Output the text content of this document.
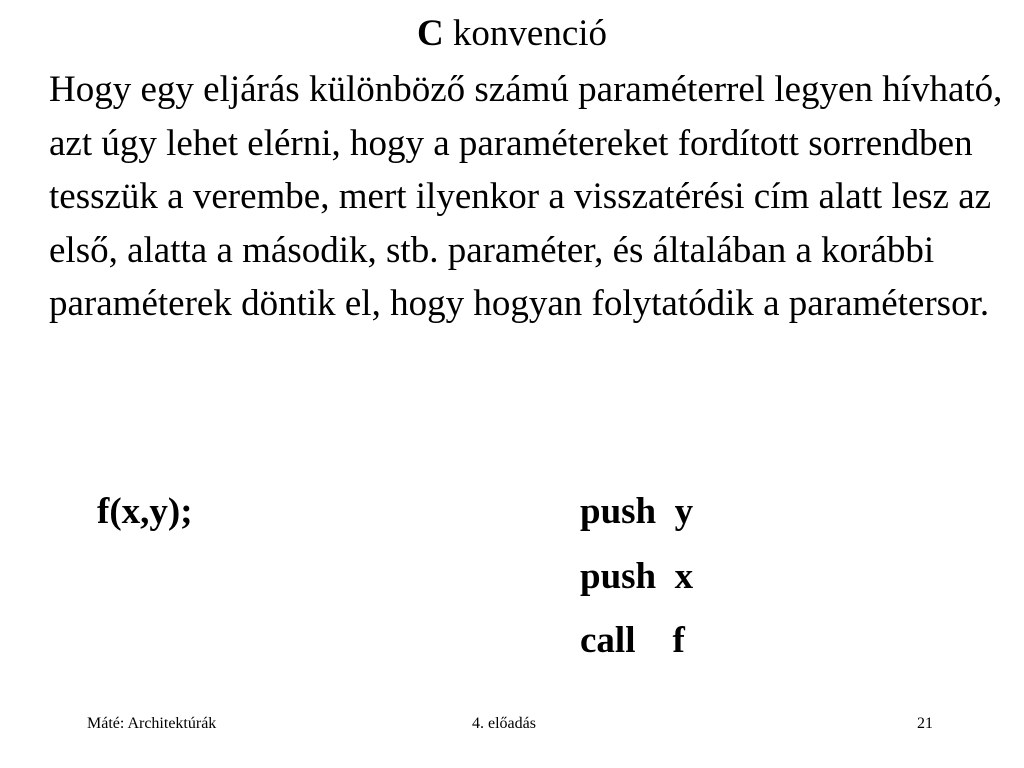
C konvenció
Hogy egy eljárás különböző számú paraméterrel legyen hívható, azt úgy lehet elérni, hogy a paramétereket fordított sorrendben tesszük a verembe, mert ilyenkor a visszatérési cím alatt lesz az első, alatta a második, stb. paraméter, és általában a korábbi paraméterek döntik el, hogy hogyan folytatódik a paramétersor.
f(x,y);	push  y
push  x
call    f
Máté: Architektúrák	4. előadás	21
